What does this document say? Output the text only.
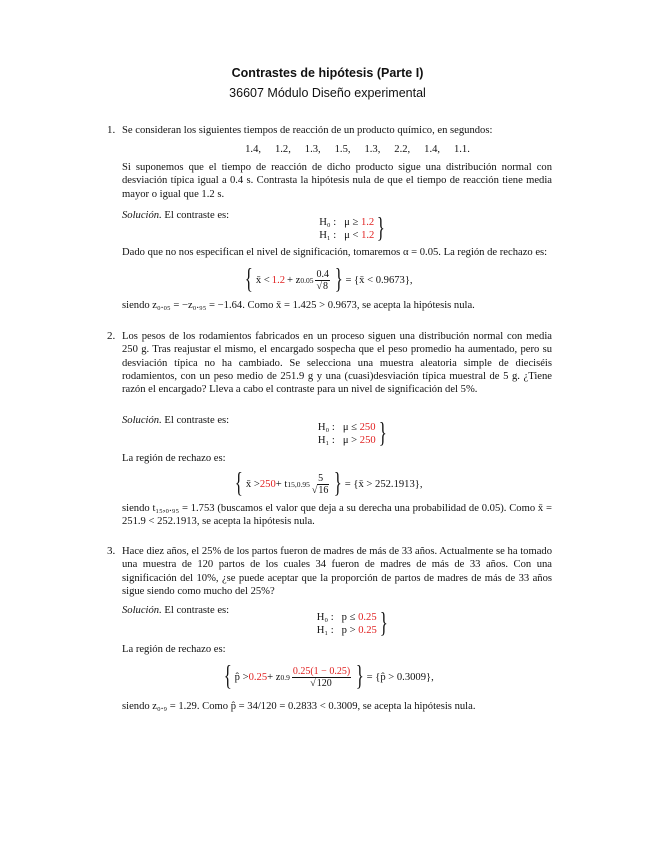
Contrastes de hipótesis (Parte I)
36607 Módulo Diseño experimental
1. Se consideran los siguientes tiempos de reacción de un producto químico, en segundos:
1.4,   1.2,   1.3,   1.5,   1.3,   2.2,   1.4,   1.1.
Si suponemos que el tiempo de reacción de dicho producto sigue una distribución normal con desviación típica igual a 0.4 s. Contrasta la hipótesis nula de que el tiempo de reacción tiene media mayor o igual que 1.2 s.
Solución. El contraste es:
H₀ : μ ≥ 1.2
H₁ : μ < 1.2 }
Dado que no nos especifican el nivel de significación, tomaremos α = 0.05. La región de rechazo es:
{ x̄ < 1.2 + z $0.05 \frac{0.4}{√8}$ } = {x̄ < 0.9673},
siendo z₀.₀₅ = −z₀.₉₅ = −1.64. Como x̄ = 1.425 > 0.9673, se acepta la hipótesis nula.
2. Los pesos de los rodamientos fabricados en un proceso siguen una distribución normal con media 250 g. Tras reajustar el mismo, el encargado sospecha que el peso promedio ha aumentado, pero su desviación típica no ha cambiado. Se selecciona una muestra aleatoria simple de dieciséis rodamientos, con un peso medio de 251.9 g y una (cuasi)desviación típica muestral de 5 g. ¿Tiene razón el encargado? Lleva a cabo el contraste para un nivel de significación del 5%.
Solución. El contraste es:
H₀ : μ ≤ 250
H₁ : μ > 250 }
La región de rechazo es:
{ x̄ > 250 + t $15,0.95 \frac{5}{√16}$ } = {x̄ > 252.1913},
siendo t₁₅,₀.₉₅ = 1.753 (buscamos el valor que deja a su derecha una probabilidad de 0.05). Como x̄ = 251.9 < 252.1913, se acepta la hipótesis nula.
3. Hace diez años, el 25% de los partos fueron de madres de más de 33 años. Actualmente se ha tomado una muestra de 120 partos de los cuales 34 fueron de madres de más de 33 años. Con una significación del 10%, ¿se puede aceptar que la proporción de partos de madres de más de 33 años sigue siendo como mucho del 25%?
Solución. El contraste es:
H₀ : p ≤ 0.25
H₁ : p > 0.25 }
La región de rechazo es:
{ p̂ > 0.25 + z $0.9 \frac{0.25(1 - 0.25)}{√120}$ } = {p̂ > 0.3009},
siendo z₀.₉ = 1.29. Como p̂ = 34/120 = 0.2833 < 0.3009, se acepta la hipótesis nula.
